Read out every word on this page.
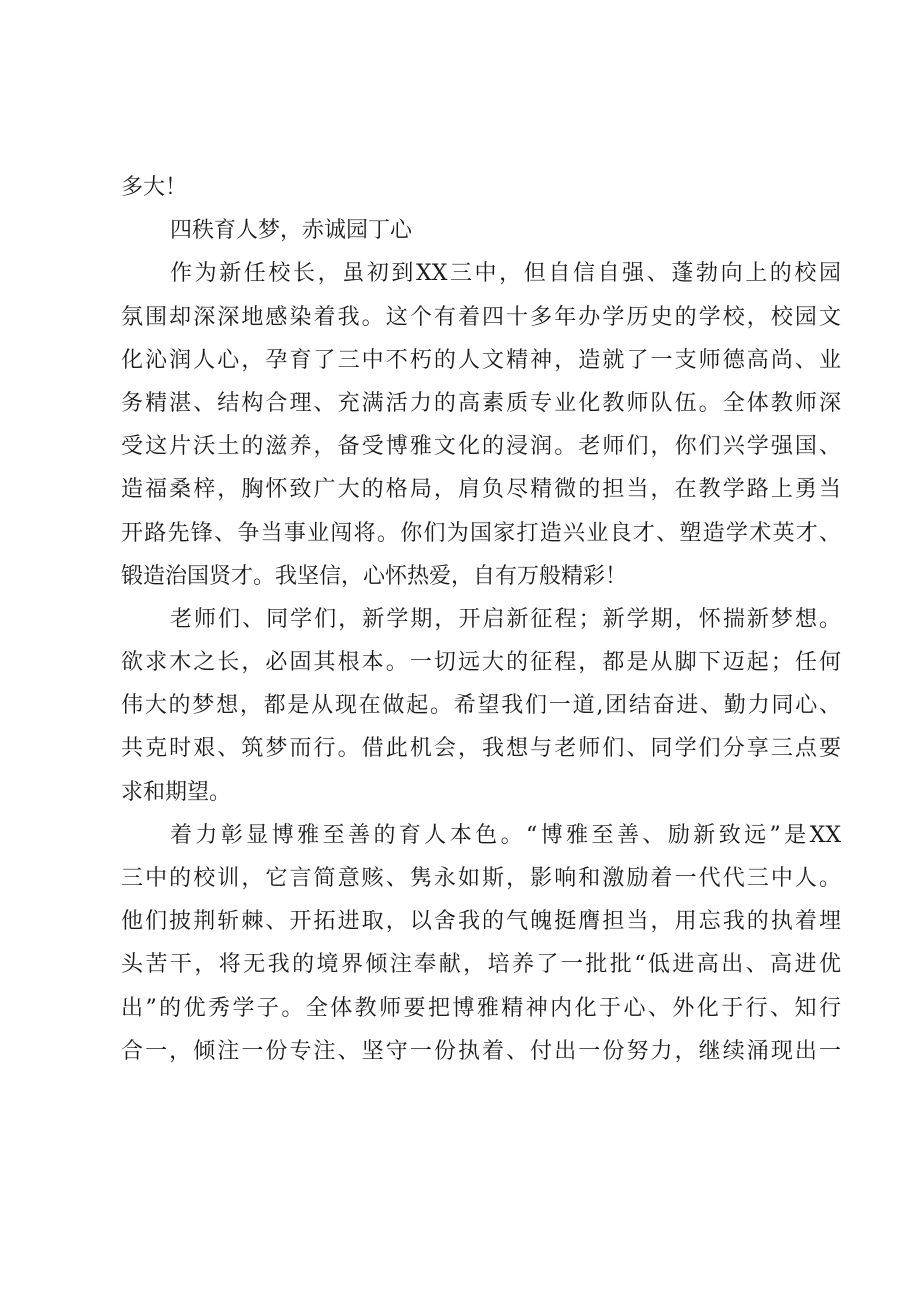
多大！
四秩育人梦，赤诚园丁心
作为新任校长，虽初到XX三中，但自信自强、蓬勃向上的校园
氛围却深深地感染着我。这个有着四十多年办学历史的学校，校园文
化沁润人心，孕育了三中不朽的人文精神，造就了一支师德高尚、业
务精湛、结构合理、充满活力的高素质专业化教师队伍。全体教师深
受这片沃土的滋养，备受博雅文化的浸润。老师们，你们兴学强国、
造福桑梓，胸怀致广大的格局，肩负尽精微的担当，在教学路上勇当
开路先锋、争当事业闯将。你们为国家打造兴业良才、塑造学术英才、
锻造治国贤才。我坚信，心怀热爱，自有万般精彩！
老师们、同学们，新学期，开启新征程；新学期，怀揣新梦想。
欲求木之长，必固其根本。一切远大的征程，都是从脚下迈起；任何
伟大的梦想，都是从现在做起。希望我们一道,团结奋进、勤力同心、
共克时艰、筑梦而行。借此机会，我想与老师们、同学们分享三点要
求和期望。
着力彰显博雅至善的育人本色。“博雅至善、励新致远”是XX
三中的校训，它言简意赅、隽永如斯，影响和激励着一代代三中人。
他们披荆斩棘、开拓进取，以舍我的气魄挺膺担当，用忘我的执着埋
头苦干，将无我的境界倾注奉献，培养了一批批“低进高出、高进优
出”的优秀学子。全体教师要把博雅精神内化于心、外化于行、知行
合一，倾注一份专注、坚守一份执着、付出一份努力，继续涌现出一
